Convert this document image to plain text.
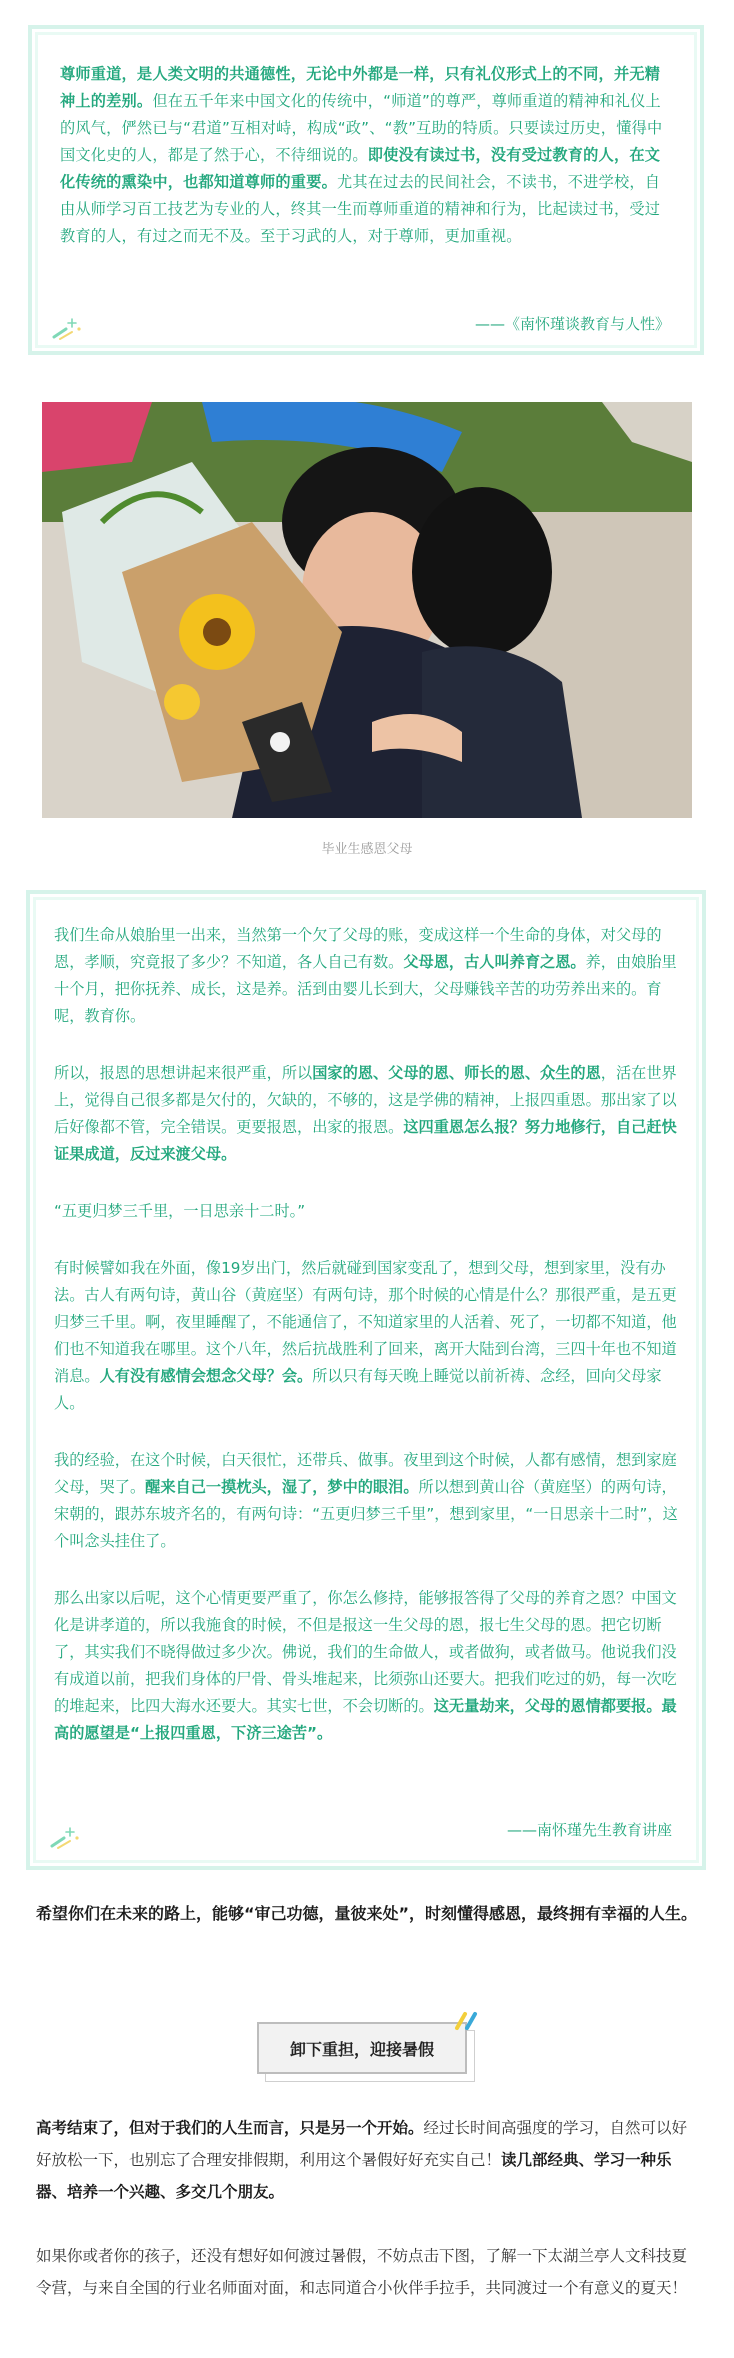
尊师重道，是人类文明的共通德性，无论中外都是一样，只有礼仪形式上的不同，并无精神上的差别。但在五千年来中国文化的传统中，“师道”的尊严，尊师重道的精神和礼仪上的风气，俨然已与“君道”互相对峙，构成“政”、“教”互助的特质。只要读过历史，懂得中国文化史的人，都是了然于心，不待细说的。即使没有读过书，没有受过教育的人，在文化传统的熏染中，也都知道尊师的重要。尤其在过去的民间社会，不读书，不进学校，自由从师学习百工技艺为专业的人，终其一生而尊师重道的精神和行为，比起读过书，受过教育的人，有过之而无不及。至于习武的人，对于尊师，更加重视。
——《南怀瑾谈教育与人性》
毕业生感恩父母

我们生命从娘胎里一出来，当然第一个欠了父母的账，变成这样一个生命的身体，对父母的恩，孝顺，究竟报了多少？不知道，各人自己有数。父母恩，古人叫养育之恩。养，由娘胎里十个月，把你抚养、成长，这是养。活到由婴儿长到大，父母赚钱辛苦的功劳养出来的。育呢，教育你。

所以，报恩的思想讲起来很严重，所以国家的恩、父母的恩、师长的恩、众生的恩，活在世界上，觉得自己很多都是欠付的，欠缺的，不够的，这是学佛的精神，上报四重恩。那出家了以后好像都不管，完全错误。更要报恩，出家的报恩。这四重恩怎么报？努力地修行，自己赶快证果成道，反过来渡父母。

“五更归梦三千里，一日思亲十二时。”

有时候譬如我在外面，像19岁出门，然后就碰到国家变乱了，想到父母，想到家里，没有办法。古人有两句诗，黄山谷（黄庭坚）有两句诗，那个时候的心情是什么？那很严重，是五更归梦三千里。啊，夜里睡醒了，不能通信了，不知道家里的人活着、死了，一切都不知道，他们也不知道我在哪里。这个八年，然后抗战胜利了回来，离开大陆到台湾，三四十年也不知道消息。人有没有感情会想念父母？会。所以只有每天晚上睡觉以前祈祷、念经，回向父母家人。

我的经验，在这个时候，白天很忙，还带兵、做事。夜里到这个时候，人都有感情，想到家庭父母，哭了。醒来自己一摸枕头，湿了，梦中的眼泪。所以想到黄山谷（黄庭坚）的两句诗，宋朝的，跟苏东坡齐名的，有两句诗：“五更归梦三千里”，想到家里，“一日思亲十二时”，这个叫念头挂住了。

那么出家以后呢，这个心情更要严重了，你怎么修持，能够报答得了父母的养育之恩？中国文化是讲孝道的，所以我施食的时候，不但是报这一生父母的恩，报七生父母的恩。把它切断了，其实我们不晓得做过多少次。佛说，我们的生命做人，或者做狗，或者做马。他说我们没有成道以前，把我们身体的尸骨、骨头堆起来，比须弥山还要大。把我们吃过的奶，每一次吃的堆起来，比四大海水还要大。其实七世，不会切断的。这无量劫来，父母的恩情都要报。最高的愿望是“上报四重恩，下济三途苦”。

——南怀瑾先生教育讲座
希望你们在未来的路上，能够“审己功德，量彼来处”，时刻懂得感恩，最终拥有幸福的人生。
卸下重担，迎接暑假
高考结束了，但对于我们的人生而言，只是另一个开始。经过长时间高强度的学习，自然可以好好放松一下，也别忘了合理安排假期，利用这个暑假好好充实自己！读几部经典、学习一种乐器、培养一个兴趣、多交几个朋友。
如果你或者你的孩子，还没有想好如何渡过暑假，不妨点击下图，了解一下太湖兰亭人文科技夏令营，与来自全国的行业名师面对面，和志同道合小伙伴手拉手，共同渡过一个有意义的夏天！
